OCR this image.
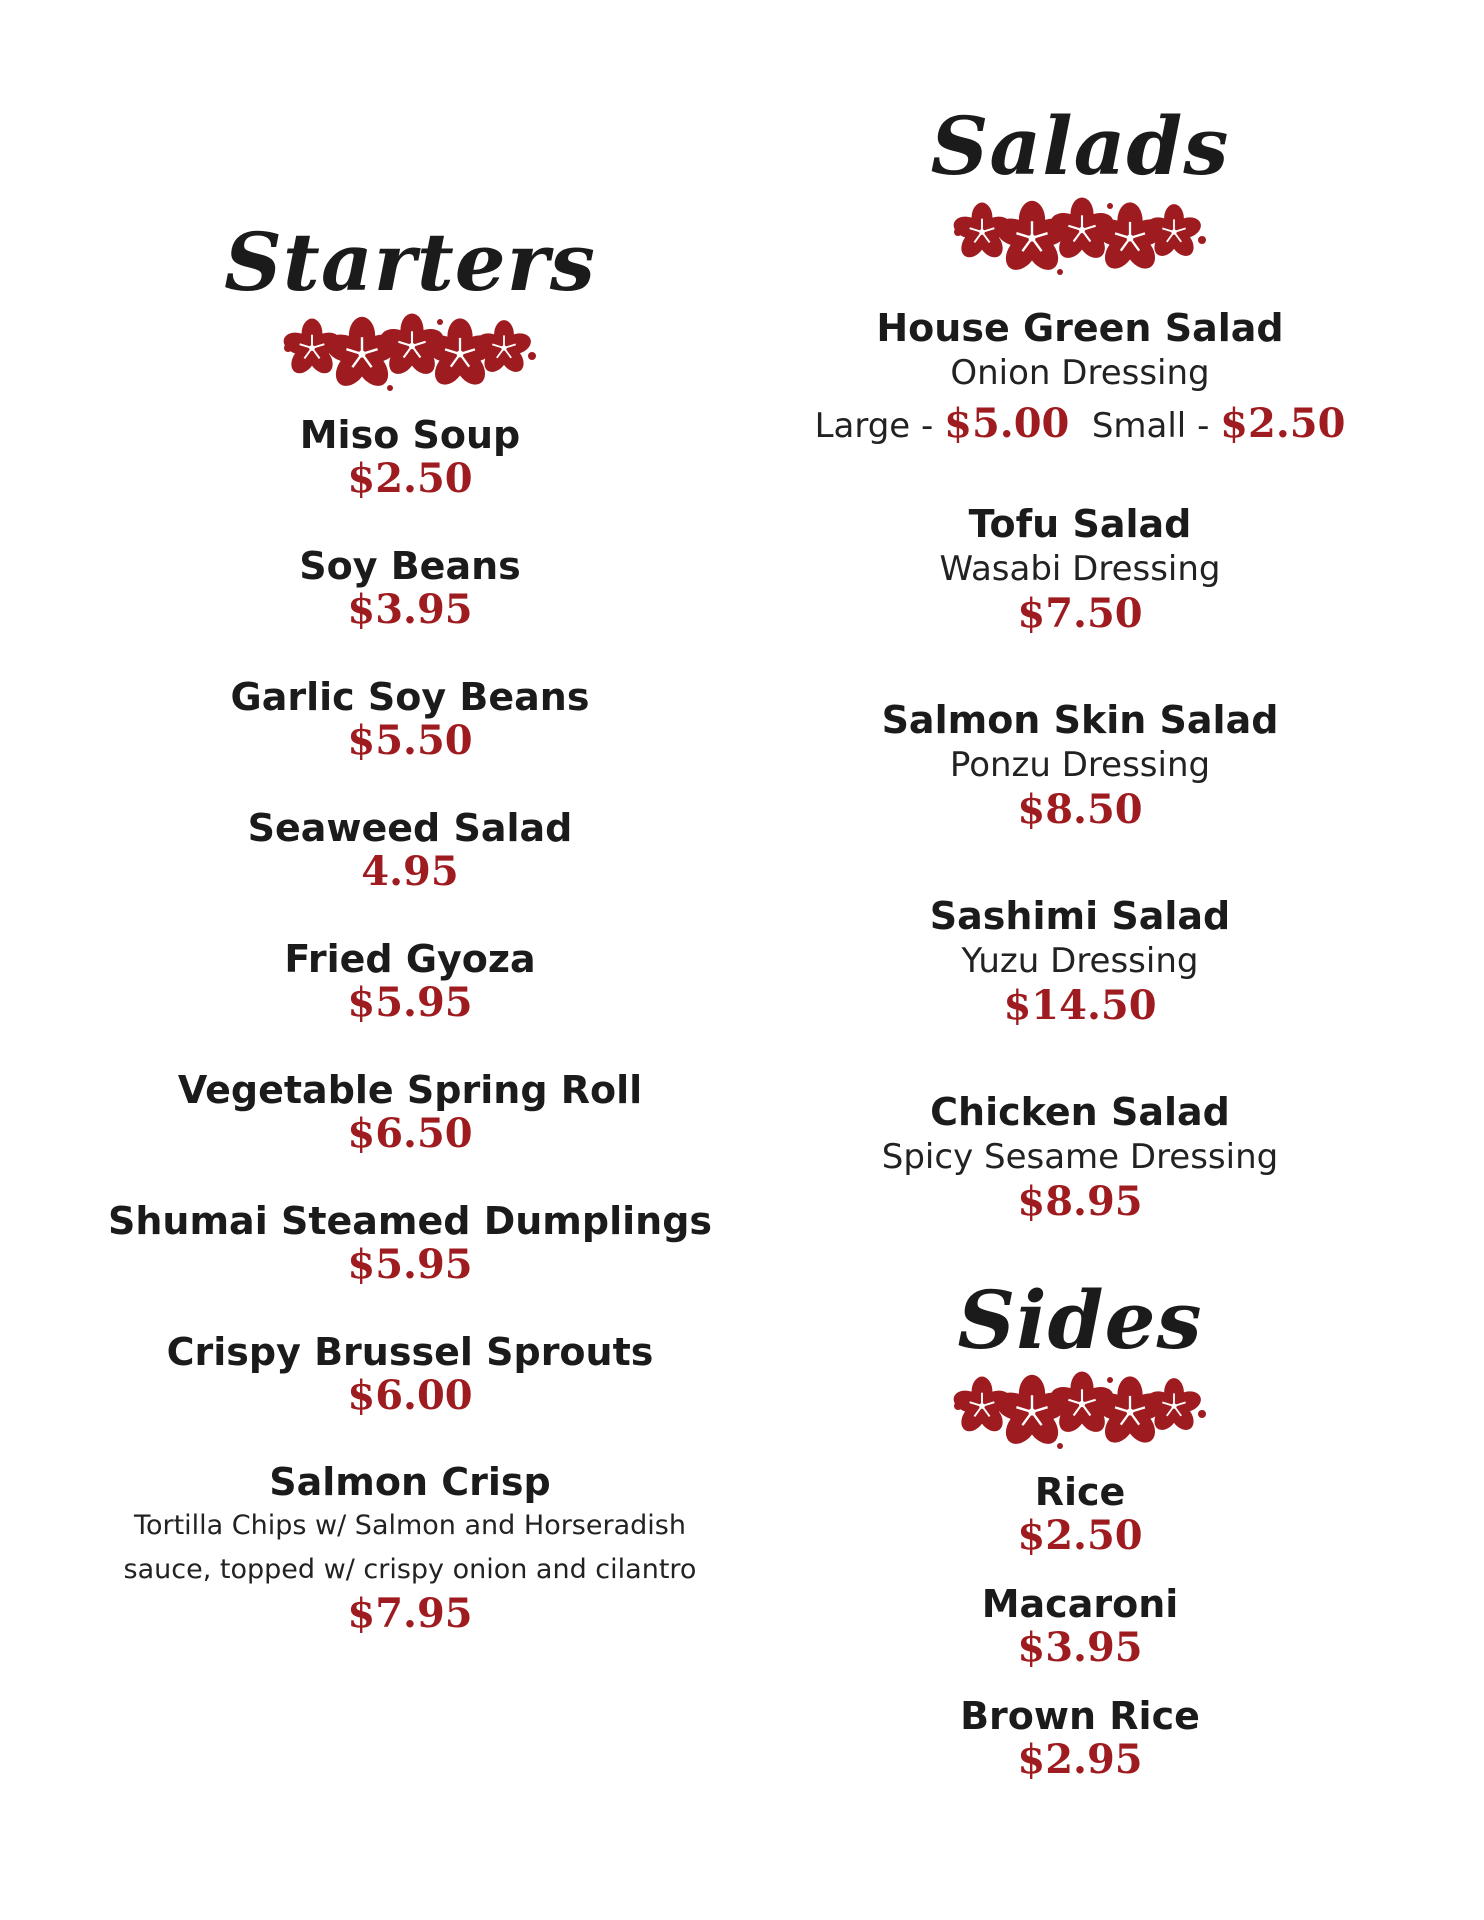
Starters
Miso Soup
$2.50
Soy Beans
$3.95
Garlic Soy Beans
$5.50
Seaweed Salad
4.95
Fried Gyoza
$5.95
Vegetable Spring Roll
$6.50
Shumai Steamed Dumplings
$5.95
Crispy Brussel Sprouts
$6.00
Salmon Crisp
Tortilla Chips w/ Salmon and Horseradish
sauce, topped w/ crispy onion and cilantro
$7.95
Salads
House Green Salad
Onion Dressing
Large - $5.00 Small - $2.50
Tofu Salad
Wasabi Dressing
$7.50
Salmon Skin Salad
Ponzu Dressing
$8.50
Sashimi Salad
Yuzu Dressing
$14.50
Chicken Salad
Spicy Sesame Dressing
$8.95
Sides
Rice
$2.50
Macaroni
$3.95
Brown Rice
$2.95
